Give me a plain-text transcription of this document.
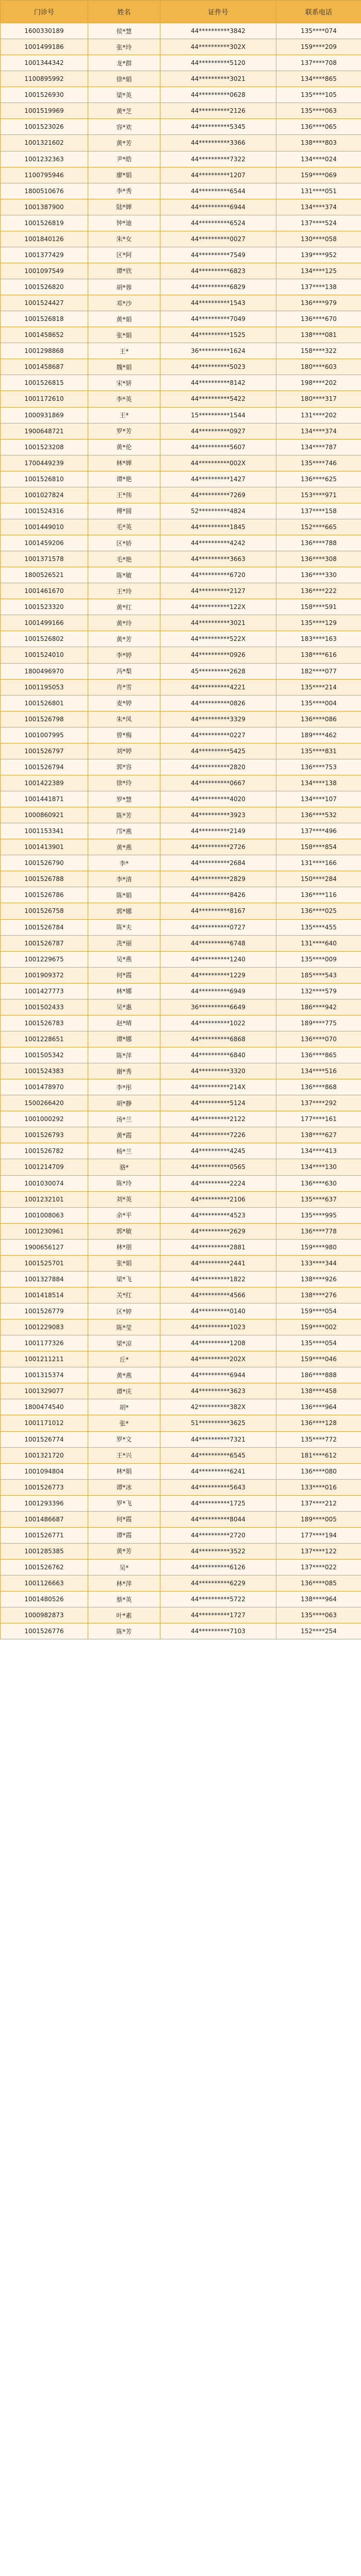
门诊号	姓名	证件号	联系电话
1600330189	侯*慧	44**********3842	135****074
1001499186	张*玲	44**********302X	159****209
1001344342	龙*群	44**********5120	137****708
1100895992	徐*娟	44**********3021	134****865
1001526930	梁*英	44**********0628	135****105
1001519969	黄*芝	44**********2126	135****063
1001523026	容*欢	44**********5345	136****065
1001321602	黄*芳	44**********3366	138****803
1001232363	尹*皓	44**********7322	134****024
1100795946	廖*娟	44**********1207	159****069
1800510676	李*秀	44**********6544	131****051
1001387900	陆*婵	44**********6944	134****374
1001526819	钟*迪	44**********6524	137****524
1001840126	朱*女	44**********0027	130****058
1001377429	区*阿	44**********7549	139****952
1001097549	谭*欣	44**********6823	134****125
1001526820	胡*蓉	44**********6829	137****138
1001524427	邓*沙	44**********1543	136****979
1001526818	黄*娟	44**********7049	136****670
1001458652	张*娟	44**********1525	138****081
1001298868	王*	36**********1624	158****322
1001458687	魏*娟	44**********5023	180****603
1001526815	宋*妍	44**********8142	198****202
1001172610	李*英	44**********5422	180****317
1000931869	王*	15**********1544	131****202
1900648721	罗*芳	44**********0927	134****374
1001523208	黄*伦	44**********5607	134****787
1700449239	林*婵	44**********002X	135****746
1001526810	谭*艳	44**********1427	136****625
1001027824	王*伟	44**********7269	153****971
1001524316	傅*圆	52**********4824	137****158
1001449010	毛*英	44**********1845	152****665
1001459206	区*娇	44**********4242	136****788
1001371578	毛*艳	44**********3663	136****308
1800526521	陈*敏	44**********6720	136****330
1001461670	王*玲	44**********2127	136****222
1001523320	黄*红	44**********122X	158****591
1001499166	黄*玲	44**********3021	135****129
1001526802	黄*芳	44**********522X	183****163
1001524010	李*婷	44**********0926	138****616
1800496970	冯*梨	45**********2628	182****077
1001195053	肖*雪	44**********4221	135****214
1001526801	麦*婷	44**********0826	135****004
1001526798	朱*凤	44**********3329	136****086
1001007995	曾*梅	44**********0227	189****462
1001526797	刘*婷	44**********5425	135****831
1001526794	郭*容	44**********2820	136****753
1001422389	徐*玲	44**********0667	134****138
1001441871	罗*慧	44**********4020	134****107
1000860921	陈*芳	44**********3923	136****532
1001153341	邝*燕	44**********2149	137****496
1001413901	黄*燕	44**********2726	158****854
1001526790	李*	44**********2684	131****166
1001526788	李*清	44**********2829	150****284
1001526786	陈*娟	44**********8426	136****116
1001526758	郭*娜	44**********8167	136****025
1001526784	陈*夫	44**********0727	135****455
1001526787	冼*丽	44**********6748	131****640
1001229675	吴*燕	44**********1240	135****009
1001909372	何*霞	44**********1229	185****543
1001427773	林*娜	44**********6949	132****579
1001502433	吴*惠	36**********6649	186****942
1001526783	赵*晴	44**********1022	189****775
1001228651	谭*娜	44**********6868	136****070
1001505342	陈*萍	44**********6840	136****865
1001524383	谢*秀	44**********3320	134****516
1001478970	李*彤	44**********214X	136****868
1500266420	胡*静	44**********5124	137****292
1001000292	汤*兰	44**********2122	177****161
1001526793	黄*霞	44**********7226	138****627
1001526782	杨*兰	44**********4245	134****413
1001214709	骆*	44**********0565	134****130
1001030074	陈*玲	44**********2224	136****630
1001232101	刘*英	44**********2106	135****637
1001008063	余*平	44**********4523	135****995
1001230961	郭*敏	44**********2629	136****778
1900656127	林*朋	44**********2881	159****980
1001525701	张*娟	44**********2441	133****344
1001327884	梁*飞	44**********1822	138****926
1001418514	关*红	44**********4566	138****276
1001526779	区*婷	44**********0140	159****054
1001229083	陈*莹	44**********1023	159****002
1001177326	梁*凉	44**********1208	135****054
1001211211	丘*	44**********202X	159****046
1001315374	黄*燕	44**********6944	186****888
1001329077	谭*庆	44**********3623	138****458
1800474540	胡*	42**********382X	136****964
1001171012	张*	51**********3625	136****128
1001526774	罗*文	44**********7321	135****772
1001321720	王*兴	44**********6545	181****612
1001094804	林*娟	44**********6241	136****080
1001526773	谭*冰	44**********5643	133****016
1001293396	罗*飞	44**********1725	137****212
1001486687	何*霞	44**********8044	189****005
1001526771	谭*霞	44**********2720	177****194
1001285385	黄*芳	44**********3522	137****122
1001526762	吴*	44**********6126	137****022
1001126663	林*萍	44**********6229	136****085
1001480526	蔡*英	44**********5722	138****964
1000982873	叶*素	44**********1727	135****063
1001526776	陈*芳	44**********7103	152****254
